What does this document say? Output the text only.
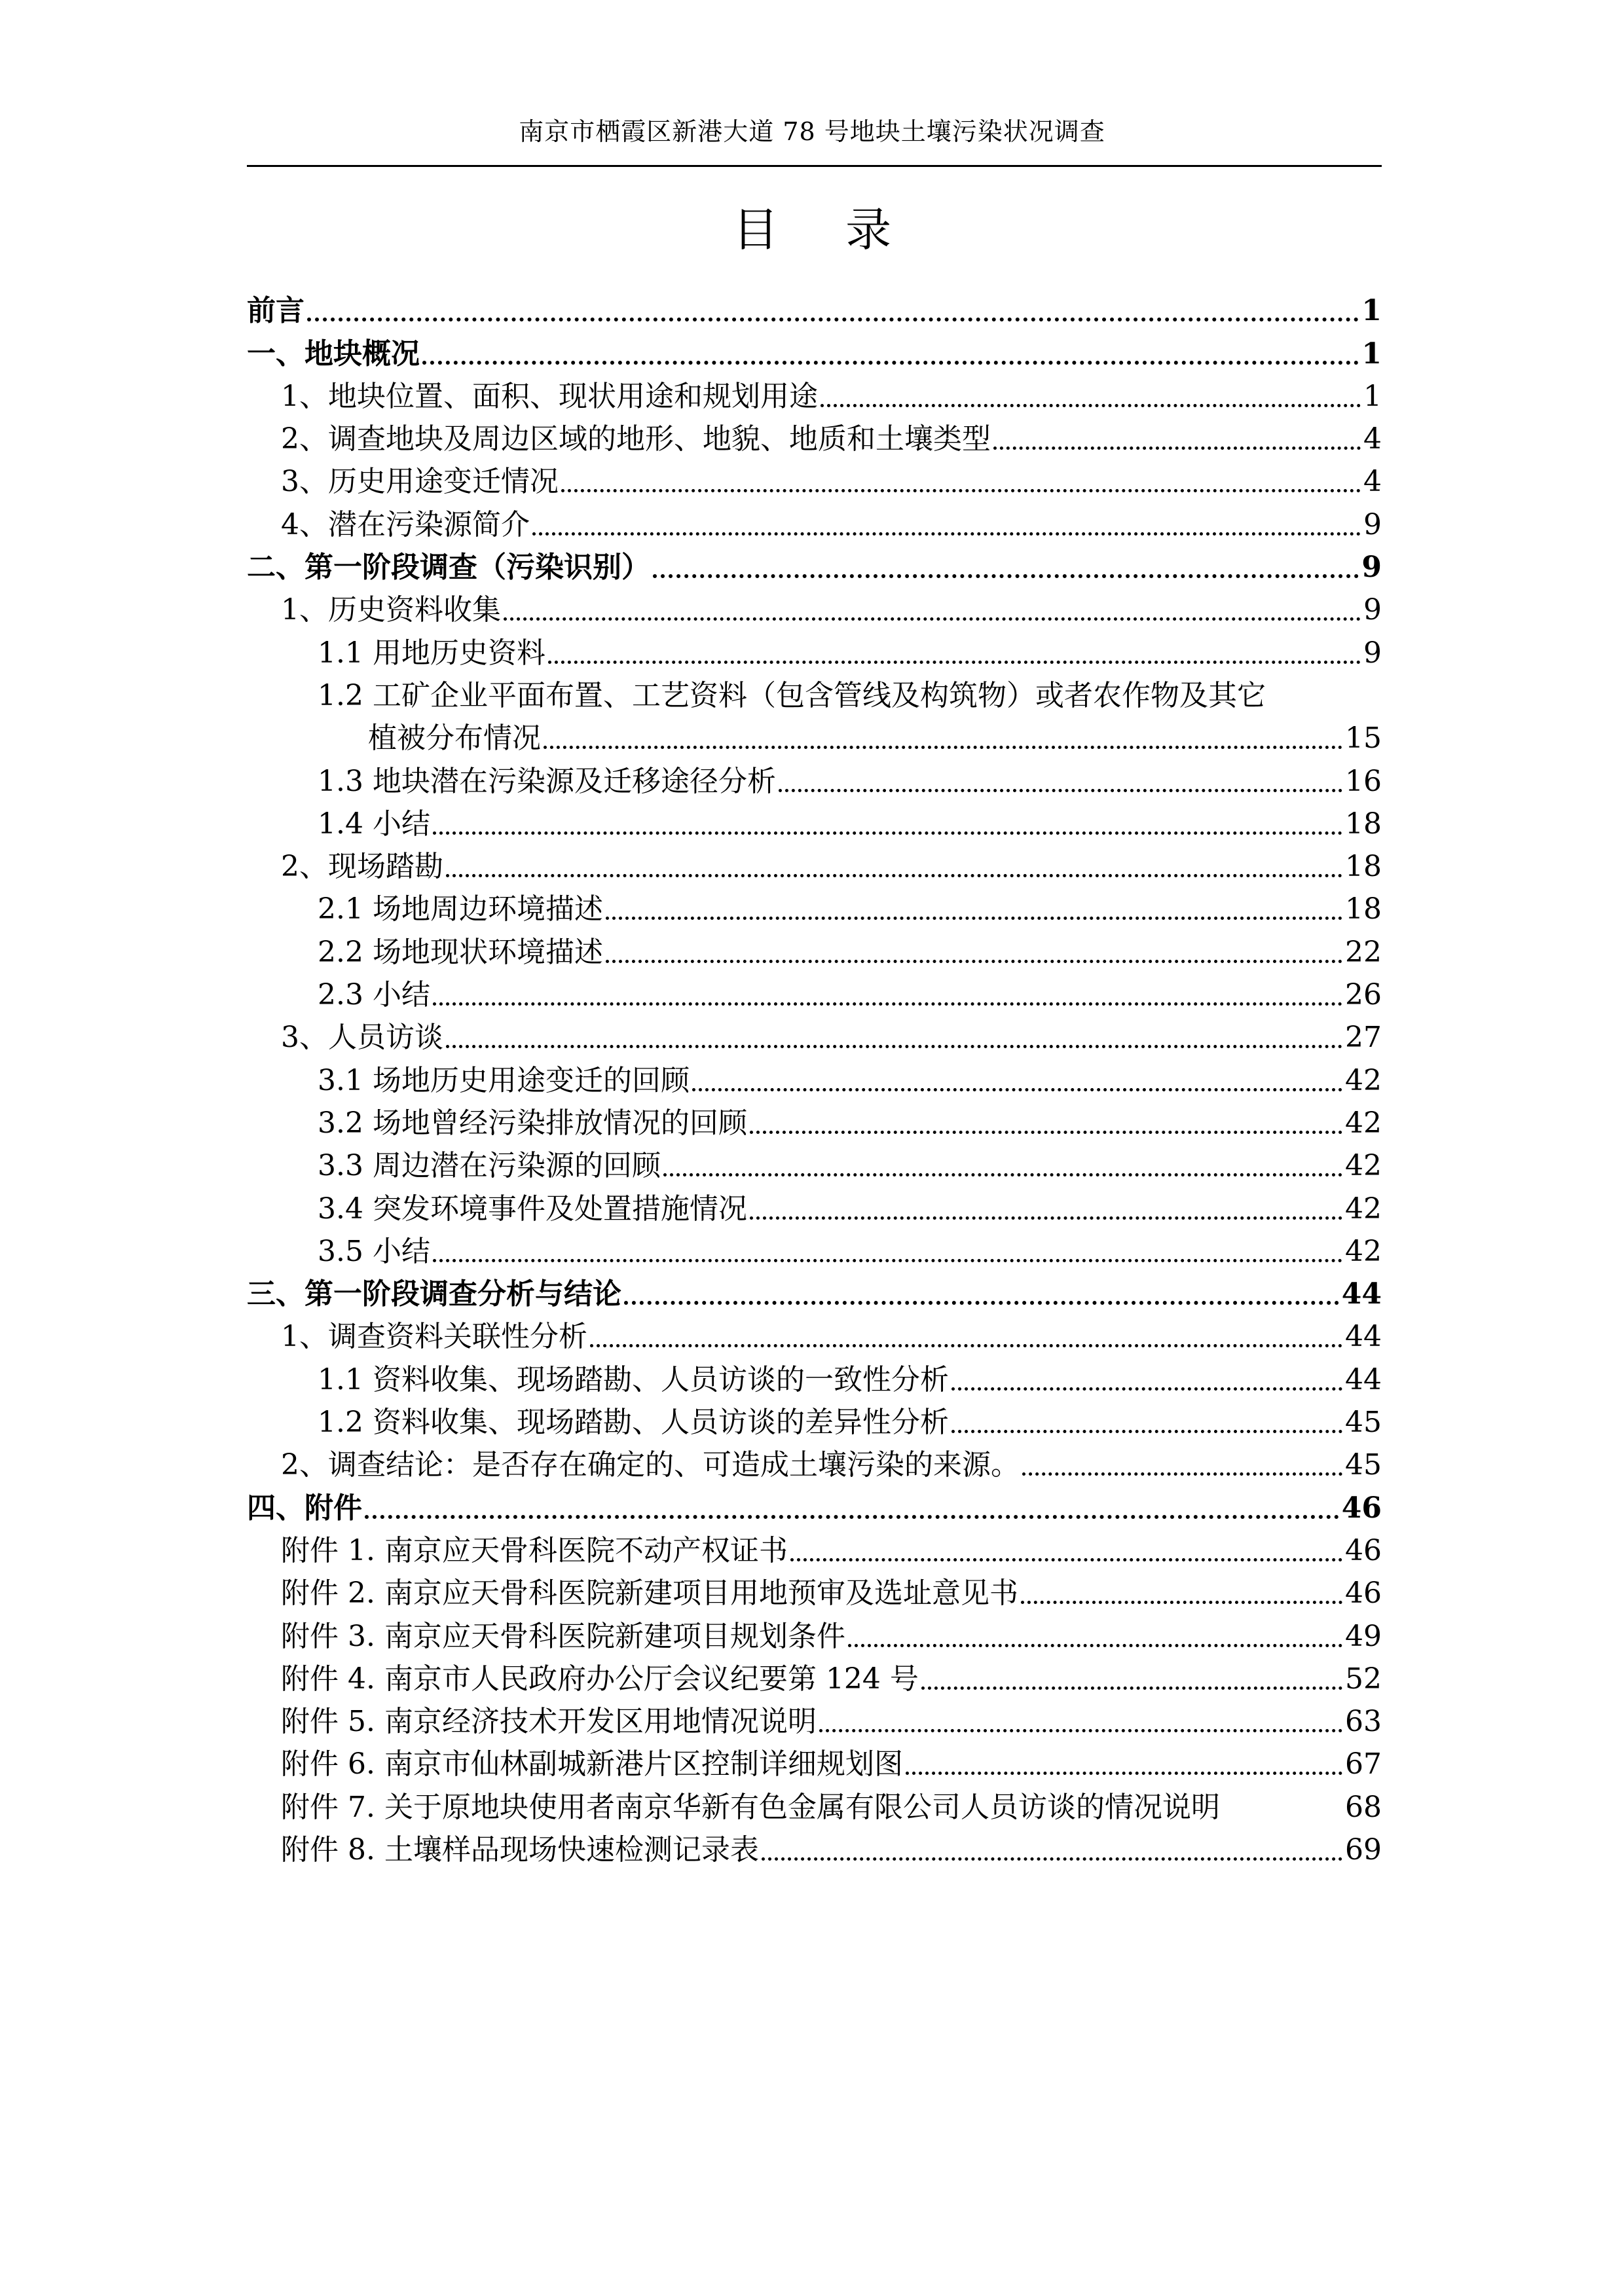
南京市栖霞区新港大道 78 号地块土壤污染状况调查
目 录
前言	1
一、地块概况	1
1、地块位置、面积、现状用途和规划用途	1
2、调查地块及周边区域的地形、地貌、地质和土壤类型	4
3、历史用途变迁情况	4
4、潜在污染源简介	9
二、第一阶段调查（污染识别）	9
1、历史资料收集	9
1.1 用地历史资料	9
1.2 工矿企业平面布置、工艺资料（包含管线及构筑物）或者农作物及其它
植被分布情况	15
1.3 地块潜在污染源及迁移途径分析	16
1.4 小结	18
2、现场踏勘	18
2.1 场地周边环境描述	18
2.2 场地现状环境描述	22
2.3 小结	26
3、人员访谈	27
3.1 场地历史用途变迁的回顾	42
3.2 场地曾经污染排放情况的回顾	42
3.3 周边潜在污染源的回顾	42
3.4 突发环境事件及处置措施情况	42
3.5 小结	42
三、第一阶段调查分析与结论	44
1、调查资料关联性分析	44
1.1 资料收集、现场踏勘、人员访谈的一致性分析	44
1.2 资料收集、现场踏勘、人员访谈的差异性分析	45
2、调查结论：是否存在确定的、可造成土壤污染的来源。	45
四、附件	46
附件 1. 南京应天骨科医院不动产权证书	46
附件 2. 南京应天骨科医院新建项目用地预审及选址意见书	46
附件 3. 南京应天骨科医院新建项目规划条件	49
附件 4. 南京市人民政府办公厅会议纪要第 124 号	52
附件 5. 南京经济技术开发区用地情况说明	63
附件 6. 南京市仙林副城新港片区控制详细规划图	67
附件 7. 关于原地块使用者南京华新有色金属有限公司人员访谈的情况说明	68
附件 8. 土壤样品现场快速检测记录表	69
